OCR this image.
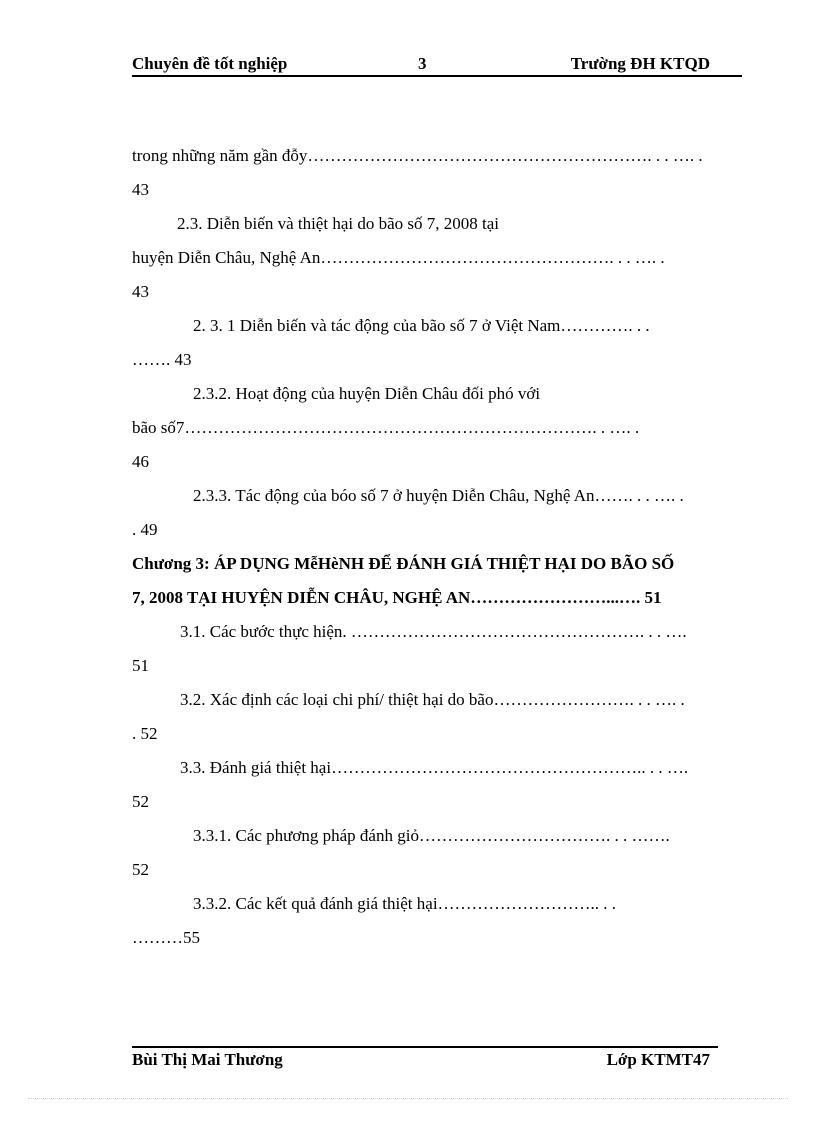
Chuyên đề tốt nghiệp	3	Trường ĐH KTQD
trong những năm gần đỗy……………………………………………………. . . …. .
43
2.3. Diễn biến và thiệt hại do bão số 7, 2008 tại
huyện Diễn Châu, Nghệ An……………………………………………. . . …. .
43
2. 3. 1 Diễn biến và tác động của bão số 7 ở Việt Nam…………. . .
……. 43
2.3.2. Hoạt động của huyện Diễn Châu đối phó với
bão số7………………………………………………………………. . …. .
46
2.3.3. Tác động của bóo số 7 ở huyện Diễn Châu, Nghệ An……. . . …. .
. 49
Chương 3: ÁP DỤNG MễHèNH ĐỂ ĐÁNH GIÁ THIỆT HẠI DO BÃO SỐ
7, 2008 TẠI HUYỆN DIỄN CHÂU, NGHỆ AN……………………...…. 51
3.1. Các bước thực hiện. ……………………………………………. . . ….
51
3.2. Xác định các loại chi phí/ thiệt hại do bão……………………. . . …. .
. 52
3.3. Đánh giá thiệt hại……………………………………………….. . . ….
52
3.3.1. Các phương pháp đánh giỏ……………………………. . . …….
52
3.3.2. Các kết quả đánh giá thiệt hại……………………….. . .
………55
Bùi Thị Mai Thương	Lớp KTMT47
